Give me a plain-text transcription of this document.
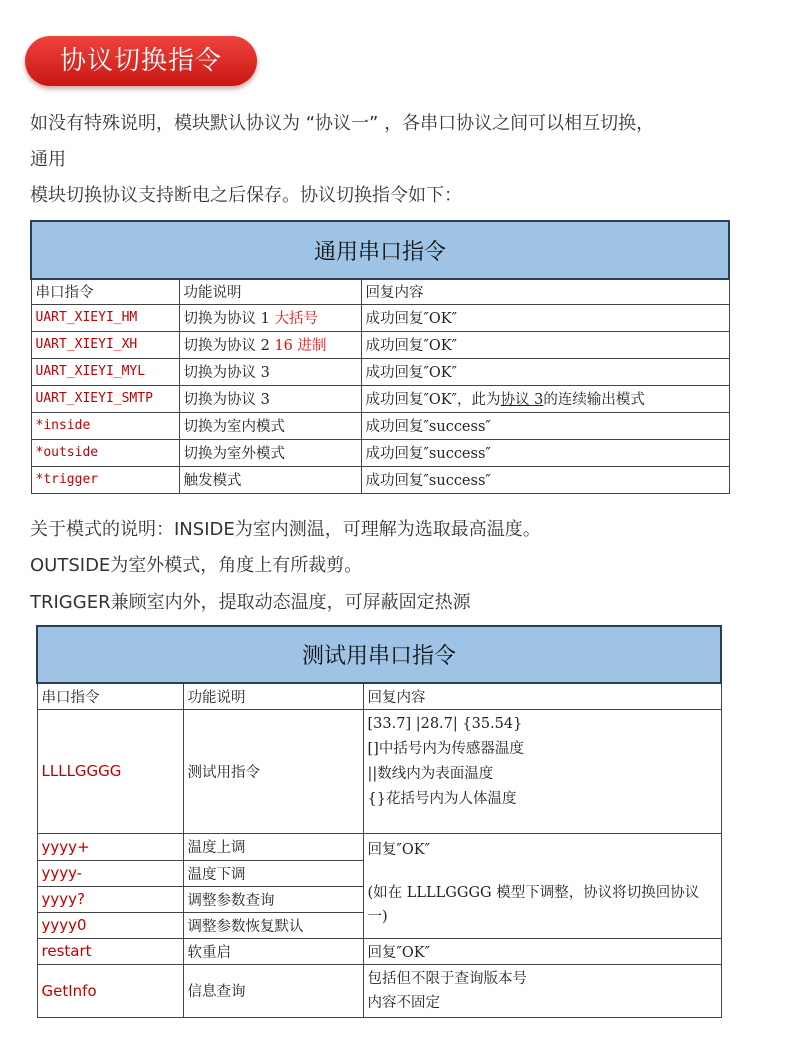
协议切换指令
如没有特殊说明，模块默认协议为 “协议一” ，各串口协议之间可以相互切换，
通用
模块切换协议支持断电之后保存。协议切换指令如下：
通用串口指令		
串口指令	功能说明	回复内容
UART_XIEYI_HM	切换为协议 1 大括号	成功回复″OK″
UART_XIEYI_XH	切换为协议 2 16 进制	成功回复″OK″
UART_XIEYI_MYL	切换为协议 3	成功回复″OK″
UART_XIEYI_SMTP	切换为协议 3	成功回复″OK″，此为协议 3的连续输出模式
*inside	切换为室内模式	成功回复″success″
*outside	切换为室外模式	成功回复″success″
*trigger	触发模式	成功回复″success″
关于模式的说明：INSIDE为室内测温，可理解为选取最高温度。
OUTSIDE为室外模式，角度上有所裁剪。
TRIGGER兼顾室内外，提取动态温度，可屏蔽固定热源
测试用串口指令		
串口指令	功能说明	回复内容
LLLLGGGG	测试用指令	[33.7] |28.7| {35.54}
[]中括号内为传感器温度
||数线内为表面温度
{}花括号内为人体温度

yyyy+	温度上调	回复″OK″
(如在 LLLLGGGG 模型下调整，协议将切换回协议一)

yyyy-	温度下调	
yyyy?	调整参数查询	
yyyy0	调整参数恢复默认	
restart	软重启	回复″OK″
GetInfo	信息查询	包括但不限于查询版本号
内容不固定
